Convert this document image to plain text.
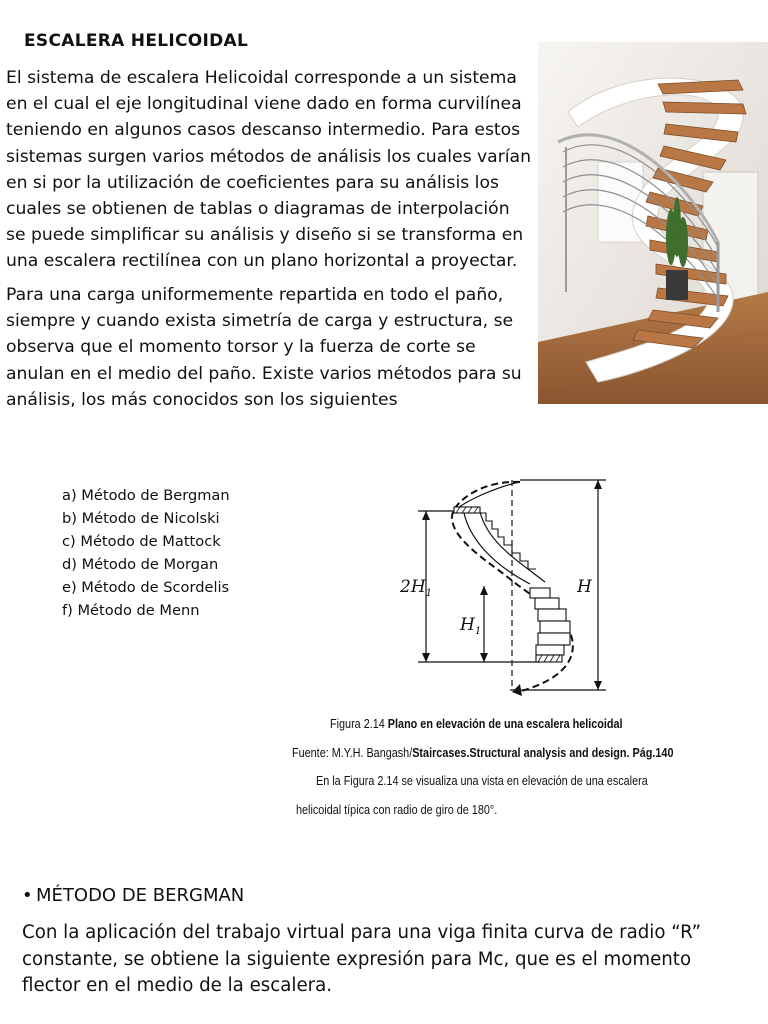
ESCALERA HELICOIDAL

El sistema de escalera Helicoidal corresponde a un sistema en el cual el eje longitudinal viene dado en forma curvilínea teniendo en algunos casos descanso intermedio. Para estos sistemas surgen varios métodos de análisis los cuales varían en si por la utilización de coeficientes para su análisis los cuales se obtienen de tablas o diagramas de interpolación se puede simplificar su análisis y diseño si se transforma en una escalera rectilínea con un plano horizontal a proyectar.

Para una carga uniformemente repartida en todo el paño, siempre y cuando exista simetría de carga y estructura, se observa que el momento torsor y la fuerza de corte se anulan en el medio del paño. Existe varios métodos para su análisis, los más conocidos son los siguientes

a) Método de Bergman
b) Método de Nicolski
c) Método de Mattock
d) Método de Morgan
e) Método de Scordelis
f) Método de Menn
$2H_1$
$H_1$
H
Figura 2.14 Plano en elevación de una escalera helicoidal
Fuente: M.Y.H. Bangash/Staircases.Structural analysis and design. Pág.140
En la Figura 2.14 se visualiza una vista en elevación de una escalera
helicoidal típica con radio de giro de 180°.
• MÉTODO DE BERGMAN

Con la aplicación del trabajo virtual para una viga finita curva de radio “R” constante, se obtiene la siguiente expresión para Mc, que es el momento flector en el medio de la escalera.
